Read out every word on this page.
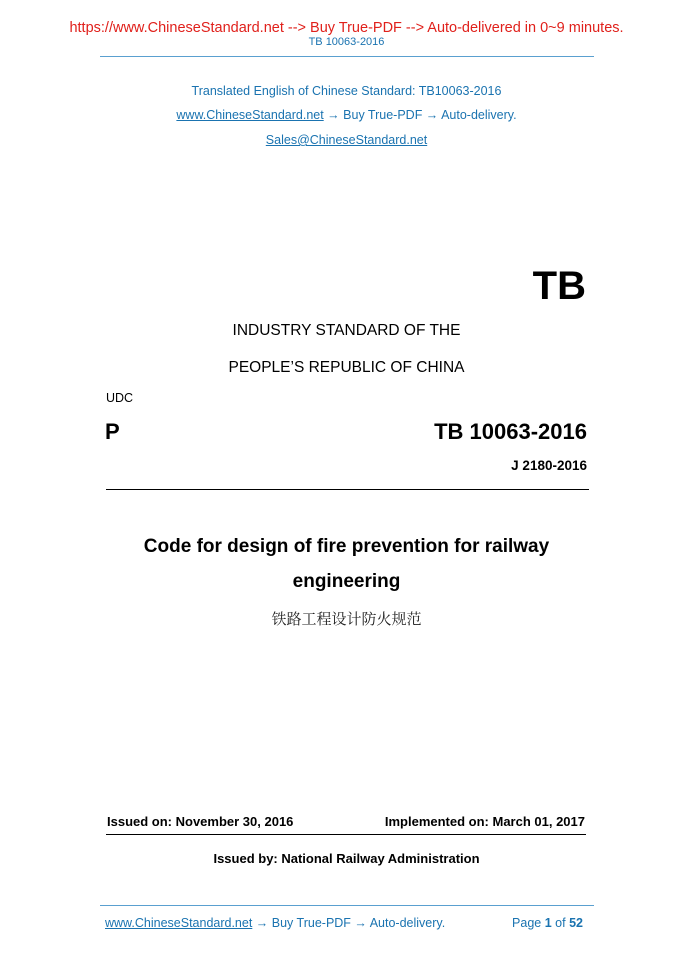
https://www.ChineseStandard.net --> Buy True-PDF --> Auto-delivered in 0~9 minutes.
TB 10063-2016
Translated English of Chinese Standard: TB10063-2016
www.ChineseStandard.net → Buy True-PDF → Auto-delivery.
Sales@ChineseStandard.net
TB
INDUSTRY STANDARD OF THE
PEOPLE’S REPUBLIC OF CHINA
UDC
P	TB 10063-2016
J 2180-2016
Code for design of fire prevention for railway
engineering
铁路工程设计防火规范
Issued on: November 30, 2016	Implemented on: March 01, 2017
Issued by: National Railway Administration
www.ChineseStandard.net → Buy True-PDF → Auto-delivery.	Page 1 of 52
